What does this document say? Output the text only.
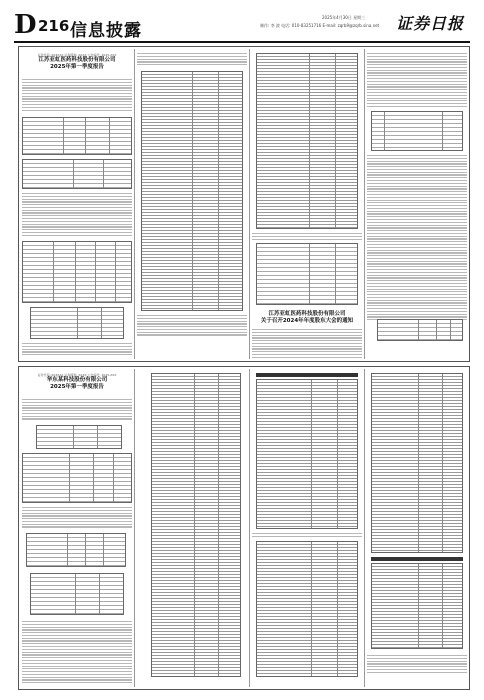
D 216 信息披露
2025年4月30日 星期三
制作: 李 波 电话: 010-83251716 E-mail: zqrb9@zqrb.sina.net 证券日报
证券代码: 603XXX 证券简称: XXXX 公告编号: 2025-XXX
江苏亚虹医药科技股份有限公司
2025年第一季度报告
江苏亚虹医药科技股份有限公司
关于召开2024年年度股东大会的通知
证券代码: 603XXX 证券简称: XXXX 公告编号: 2025-XXX
华东某科技股份有限公司
2025年第一季度报告
